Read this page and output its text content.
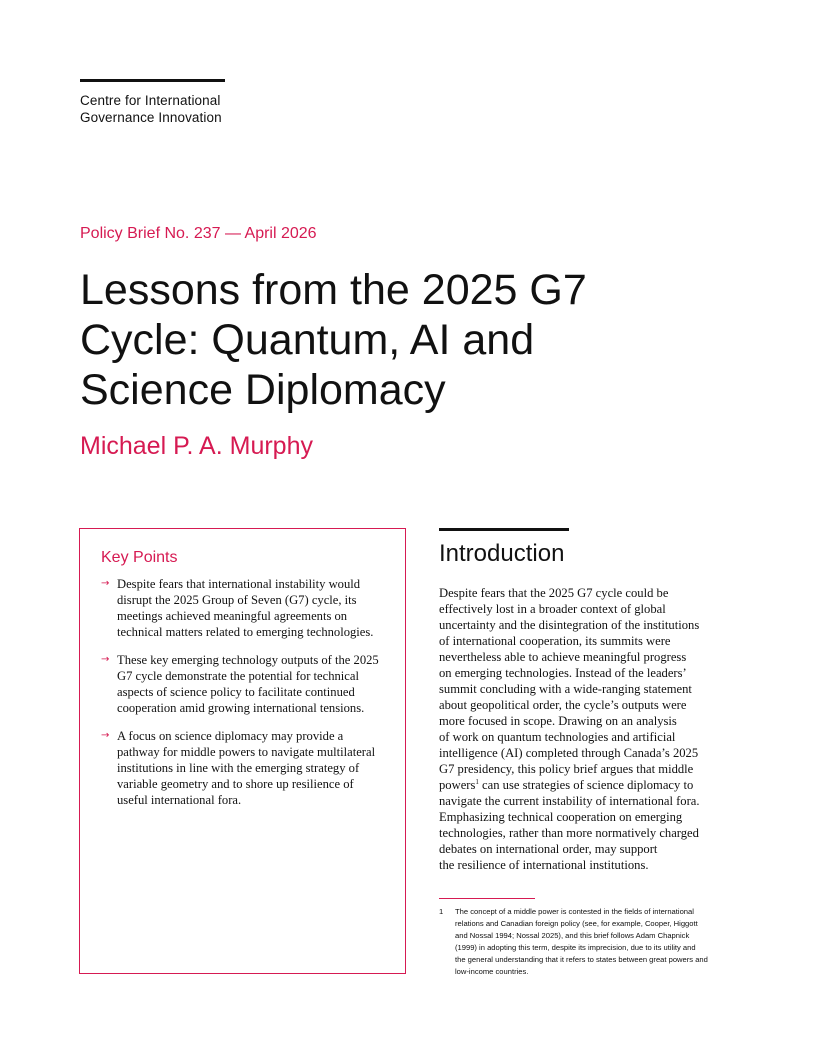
Centre for International
Governance Innovation
Policy Brief No. 237 — April 2026
Lessons from the 2025 G7
Cycle: Quantum, AI and
Science Diplomacy
Michael P. A. Murphy
Key Points
→ Despite fears that international instability would
disrupt the 2025 Group of Seven (G7) cycle, its
meetings achieved meaningful agreements on
technical matters related to emerging technologies.
→ These key emerging technology outputs of the 2025
G7 cycle demonstrate the potential for technical
aspects of science policy to facilitate continued
cooperation amid growing international tensions.
→ A focus on science diplomacy may provide a
pathway for middle powers to navigate multilateral
institutions in line with the emerging strategy of
variable geometry and to shore up resilience of
useful international fora.
Introduction
Despite fears that the 2025 G7 cycle could be
effectively lost in a broader context of global
uncertainty and the disintegration of the institutions
of international cooperation, its summits were
nevertheless able to achieve meaningful progress
on emerging technologies. Instead of the leaders’
summit concluding with a wide-ranging statement
about geopolitical order, the cycle’s outputs were
more focused in scope. Drawing on an analysis
of work on quantum technologies and artificial
intelligence (AI) completed through Canada’s 2025
G7 presidency, this policy brief argues that middle
powers$^1$ can use strategies of science diplomacy to
navigate the current instability of international fora.
Emphasizing technical cooperation on emerging
technologies, rather than more normatively charged
debates on international order, may support
the resilience of international institutions.
1 The concept of a middle power is contested in the fields of international
relations and Canadian foreign policy (see, for example, Cooper, Higgott
and Nossal 1994; Nossal 2025), and this brief follows Adam Chapnick
(1999) in adopting this term, despite its imprecision, due to its utility and
the general understanding that it refers to states between great powers and
low-income countries.
